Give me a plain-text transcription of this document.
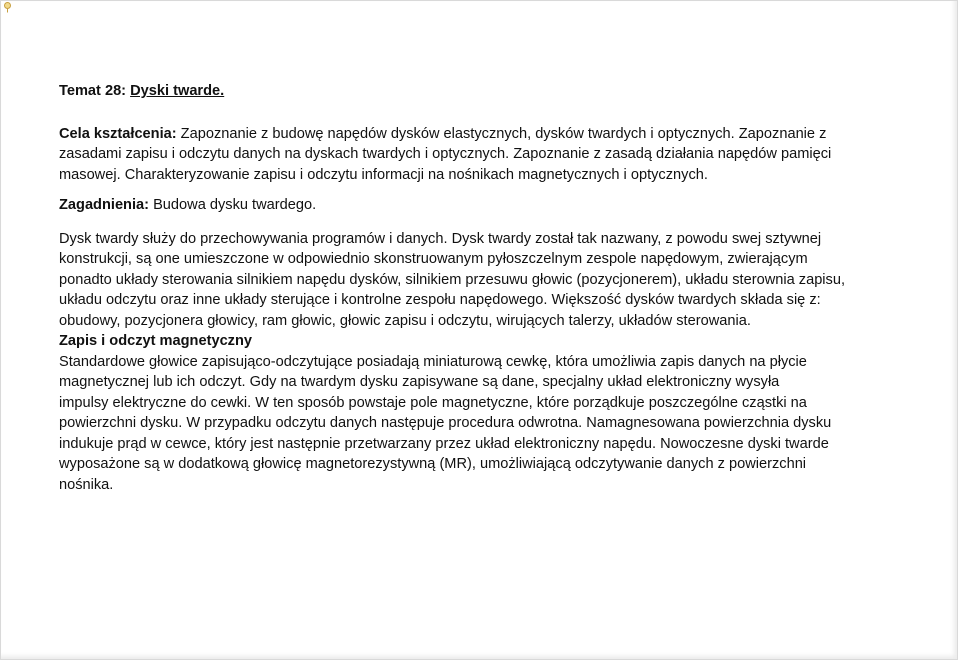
Temat 28: Dyski twarde.

Cela kształcenia: Zapoznanie z budowę napędów dysków elastycznych, dysków twardych i optycznych. Zapoznanie z
zasadami zapisu i odczytu danych na dyskach twardych i optycznych. Zapoznanie z zasadą działania napędów pamięci
masowej. Charakteryzowanie zapisu i odczytu informacji na nośnikach magnetycznych i optycznych.

Zagadnienia: Budowa dysku twardego.

Dysk twardy służy do przechowywania programów i danych. Dysk twardy został tak nazwany, z powodu swej sztywnej
konstrukcji, są one umieszczone w odpowiednio skonstruowanym pyłoszczelnym zespole napędowym, zwierającym
ponadto układy sterowania silnikiem napędu dysków, silnikiem przesuwu głowic (pozycjonerem), układu sterownia zapisu,
układu odczytu oraz inne układy sterujące i kontrolne zespołu napędowego. Większość dysków twardych składa się z:
obudowy, pozycjonera głowicy, ram głowic, głowic zapisu i odczytu, wirujących talerzy, układów sterowania.

Zapis i odczyt magnetyczny

Standardowe głowice zapisująco-odczytujące posiadają miniaturową cewkę, która umożliwia zapis danych na płycie
magnetycznej lub ich odczyt. Gdy na twardym dysku zapisywane są dane, specjalny układ elektroniczny wysyła
impulsy elektryczne do cewki. W ten sposób powstaje pole magnetyczne, które porządkuje poszczególne cząstki na
powierzchni dysku. W przypadku odczytu danych następuje procedura odwrotna. Namagnesowana powierzchnia dysku
indukuje prąd w cewce, który jest następnie przetwarzany przez układ elektroniczny napędu. Nowoczesne dyski twarde
wyposażone są w dodatkową głowicę magnetorezystywną (MR), umożliwiającą odczytywanie danych z powierzchni
nośnika.
